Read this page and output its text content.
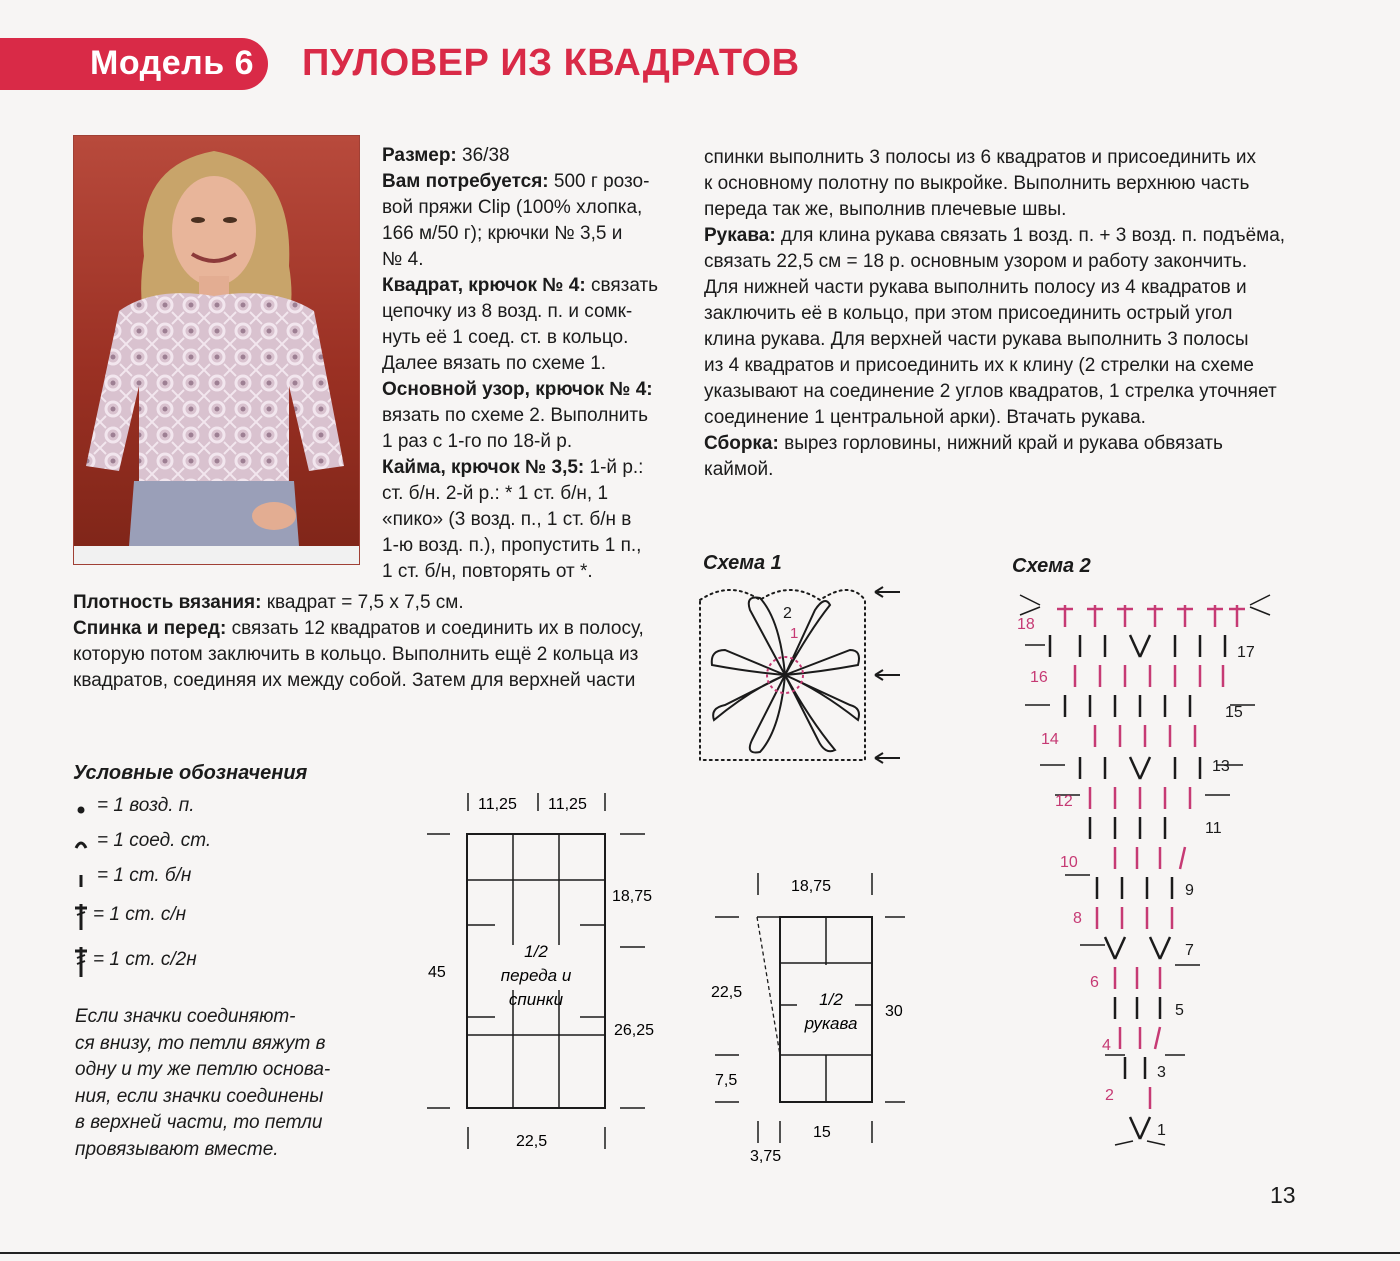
Модель 6 ПУЛОВЕР ИЗ КВАДРАТОВ
Размер: 36/38
Вам потребуется: 500 г розо-
вой пряжи Clip (100% хлопка,
166 м/50 г); крючки № 3,5 и
№ 4.
Квадрат, крючок № 4: связать
цепочку из 8 возд. п. и сомк-
нуть её 1 соед. ст. в кольцо.
Далее вязать по схеме 1.
Основной узор, крючок № 4:
вязать по схеме 2. Выполнить
1 раз с 1-го по 18-й р.
Кайма, крючок № 3,5: 1-й р.:
ст. б/н. 2-й р.: * 1 ст. б/н, 1
«пико» (3 возд. п., 1 ст. б/н в
1-ю возд. п.), пропустить 1 п.,
1 ст. б/н, повторять от *.
Плотность вязания: квадрат = 7,5 х 7,5 см.
Спинка и перед: связать 12 квадратов и соединить их в полосу,
которую потом заключить в кольцо. Выполнить ещё 2 кольца из
квадратов, соединяя их между собой. Затем для верхней части
спинки выполнить 3 полосы из 6 квадратов и присоединить их
к основному полотну по выкройке. Выполнить верхнюю часть
переда так же, выполнив плечевые швы.
Рукава: для клина рукава связать 1 возд. п. + 3 возд. п. подъёма,
связать 22,5 см = 18 р. основным узором и работу закончить.
Для нижней части рукава выполнить полосу из 4 квадратов и
заключить её в кольцо, при этом присоединить острый угол
клина рукава. Для верхней части рукава выполнить 3 полосы
из 4 квадратов и присоединить их к клину (2 стрелки на схеме
указывают на соединение 2 углов квадратов, 1 стрелка уточняет
соединение 1 центральной арки). Втачать рукава.
Сборка: вырез горловины, нижний край и рукава обвязать
каймой.
Условные обозначения
= 1 возд. п.
= 1 соед. ст.
= 1 ст. б/н
= 1 ст. с/н
= 1 ст. с/2н
Если значки соединяют-
ся внизу, то петли вяжут в
одну и ту же петлю основа-
ния, если значки соединены
в верхней части, то петли
провязывают вместе.
11,25 11,25
18,75
45
1/2
переда и
спинки
26,25
22,5
18,75
22,5
7,5
30
1/2
рукава
15
3,75
Схема 1
1
2
Схема 2
18
16
14
12
10
8
6
4
2
17
15
13
11
9
7
5
3
1
13
